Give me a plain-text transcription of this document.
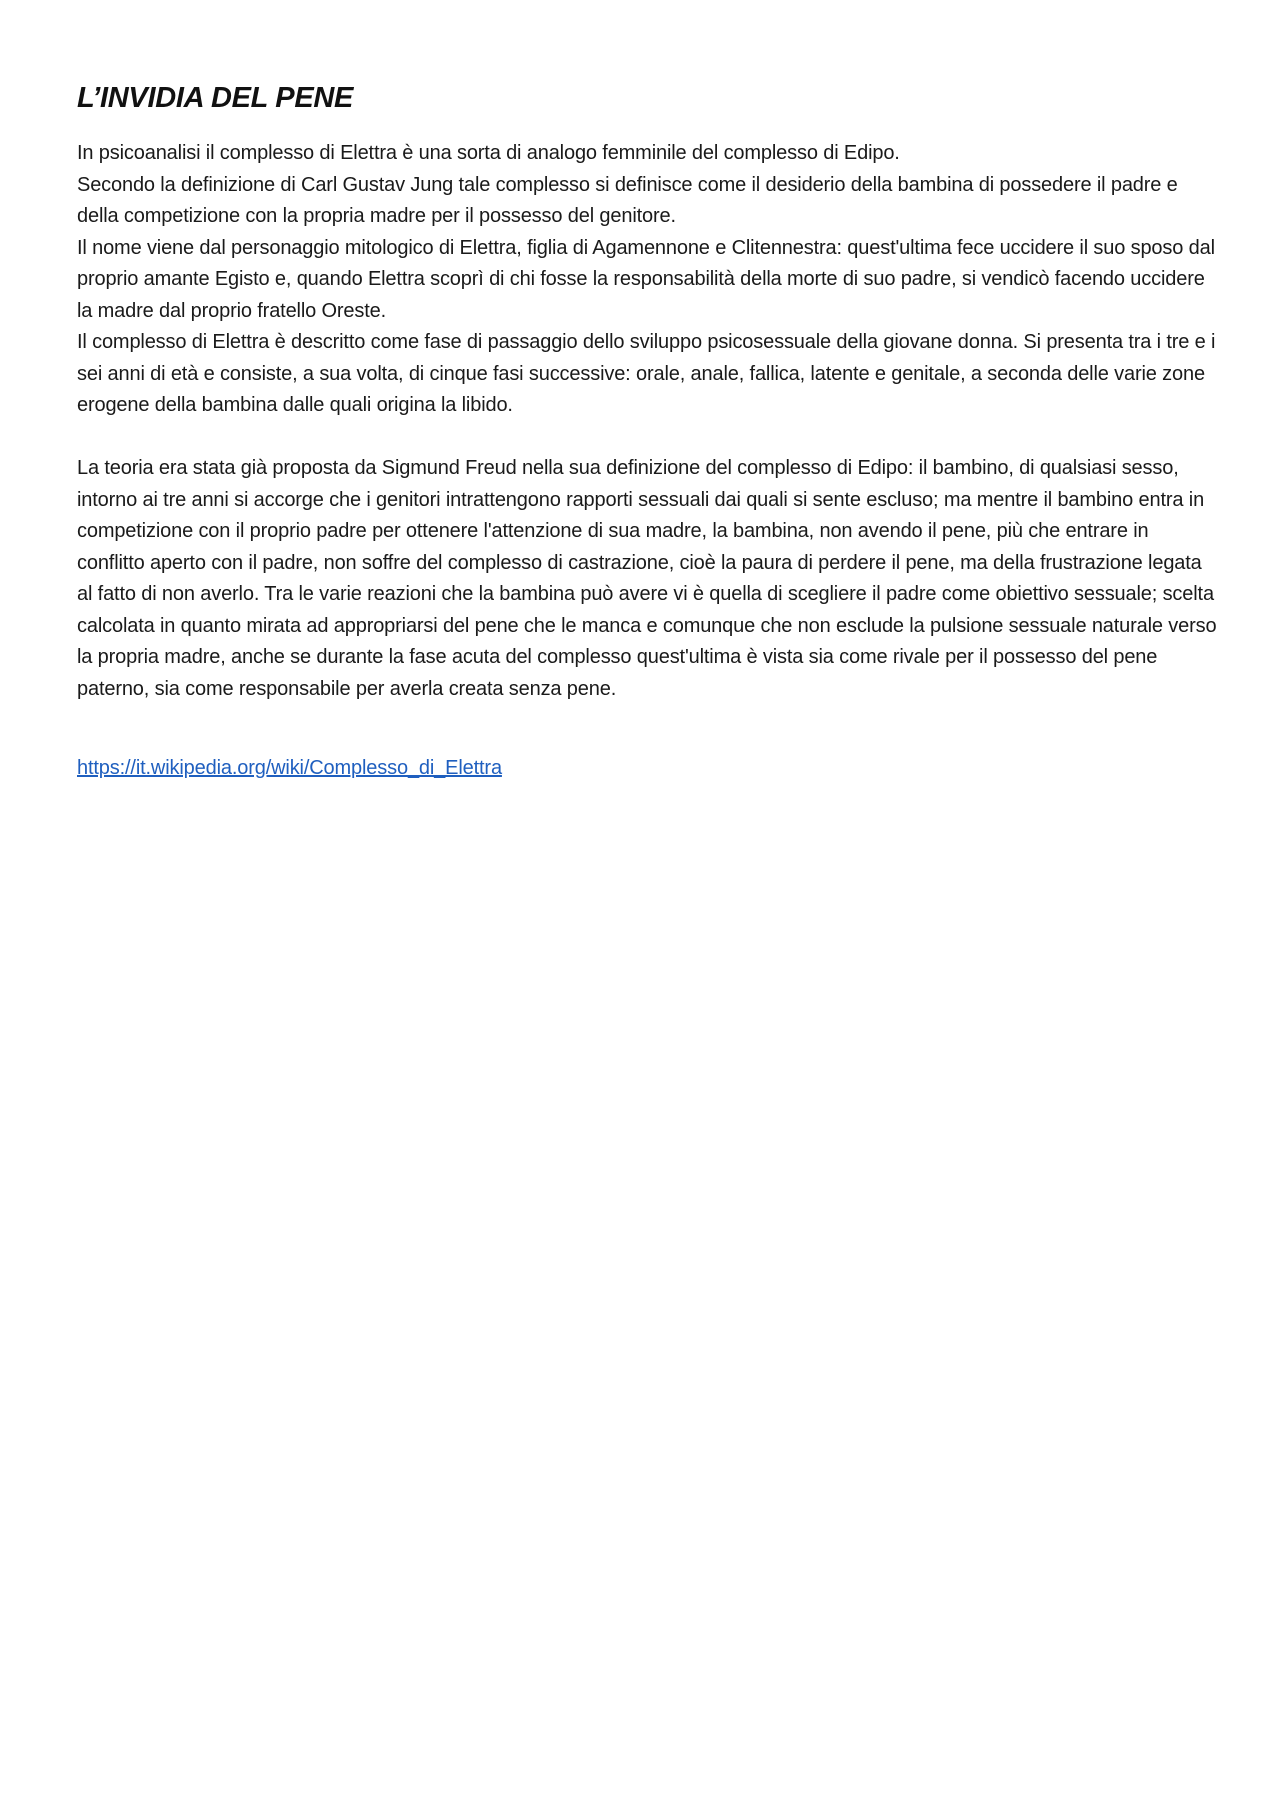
L’INVIDIA DEL PENE

In psicoanalisi il complesso di Elettra è una sorta di analogo femminile del complesso di Edipo.

Secondo la definizione di Carl Gustav Jung tale complesso si definisce come il desiderio della bambina di possedere il padre e della competizione con la propria madre per il possesso del genitore.

Il nome viene dal personaggio mitologico di Elettra, figlia di Agamennone e Clitennestra: quest'ultima fece uccidere il suo sposo dal proprio amante Egisto e, quando Elettra scoprì di chi fosse la responsabilità della morte di suo padre, si vendicò facendo uccidere la madre dal proprio fratello Oreste.

Il complesso di Elettra è descritto come fase di passaggio dello sviluppo psicosessuale della giovane donna. Si presenta tra i tre e i sei anni di età e consiste, a sua volta, di cinque fasi successive: orale, anale, fallica, latente e genitale, a seconda delle varie zone erogene della bambina dalle quali origina la libido.

La teoria era stata già proposta da Sigmund Freud nella sua definizione del complesso di Edipo: il bambino, di qualsiasi sesso, intorno ai tre anni si accorge che i genitori intrattengono rapporti sessuali dai quali si sente escluso; ma mentre il bambino entra in competizione con il proprio padre per ottenere l'attenzione di sua madre, la bambina, non avendo il pene, più che entrare in conflitto aperto con il padre, non soffre del complesso di castrazione, cioè la paura di perdere il pene, ma della frustrazione legata al fatto di non averlo. Tra le varie reazioni che la bambina può avere vi è quella di scegliere il padre come obiettivo sessuale; scelta calcolata in quanto mirata ad appropriarsi del pene che le manca e comunque che non esclude la pulsione sessuale naturale verso la propria madre, anche se durante la fase acuta del complesso quest'ultima è vista sia come rivale per il possesso del pene paterno, sia come responsabile per averla creata senza pene.

https://it.wikipedia.org/wiki/Complesso_di_Elettra
